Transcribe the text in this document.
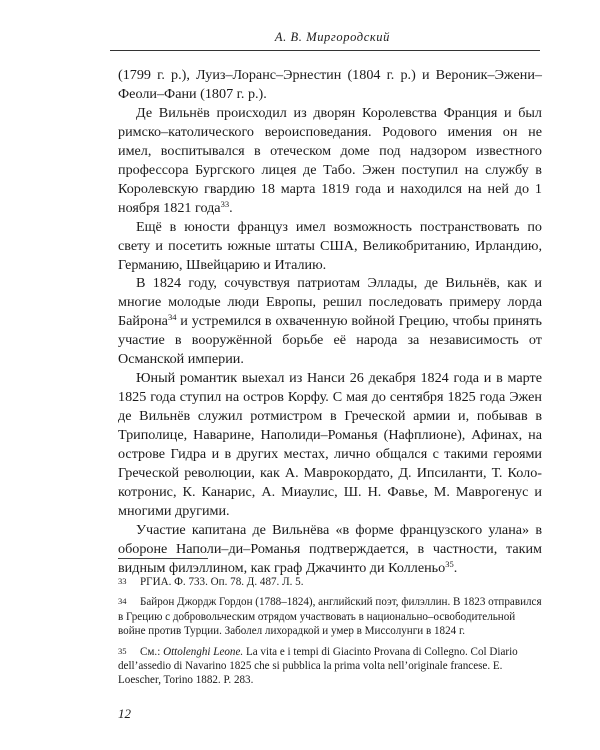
А. В. Миргородский

(1799 г. р.), Луиз–Лоранс–Эрнестин (1804 г. р.) и Вероник–Эжени–Феоли–Фани (1807 г. р.).

Де Вильнёв происходил из дворян Королевства Франция и был римско–католического вероисповедания. Родового имения он не имел, воспитывался в отеческом доме под надзором известного профессора Бургского лицея де Табо. Эжен поступил на службу в Королевскую гвардию 18 марта 1819 года и находился на ней до 1 ноября 1821 года$^{33}$.

Ещё в юности француз имел возможность постранствовать по свету и посетить южные штаты США, Великобританию, Ирландию, Германию, Швейцарию и Италию.

В 1824 году, сочувствуя патриотам Эллады, де Вильнёв, как и многие молодые люди Европы, решил последовать примеру лорда Байрона$^{34}$ и устремился в охваченную войной Грецию, чтобы принять участие в вооружённой борьбе её народа за независимость от Османской империи.

Юный романтик выехал из Нанси 26 декабря 1824 года и в марте 1825 года ступил на остров Корфу. С мая до сентября 1825 года Эжен де Вильнёв служил ротмистром в Греческой армии и, побывав в Триполице, Наварине, Наполиди–Романья (Нафплионе), Афинах, на острове Гидра и в других местах, лично общался с такими героями Греческой революции, как А. Маврокордато, Д. Ипсиланти, Т. Колокотронис, К. Канарис, А. Миаулис, Ш. Н. Фавье, М. Маврогенус и многими другими.

Участие капитана де Вильнёва «в форме французского улана» в обороне Наполи–ди–Романья подтверждается, в частности, таким видным филэллином, как граф Джачинто ди Колленьо$^{35}$.

33 РГИА. Ф. 733. Оп. 78. Д. 487. Л. 5.

34 Байрон Джордж Гордон (1788–1824), английский поэт, филэллин. В 1823 отправился в Грецию с добровольческим отрядом участвовать в национально–освободительной войне против Турции. Заболел лихорадкой и умер в Миссолунги в 1824 г.

35 См.: Ottolenghi Leone. La vita e i tempi di Giacinto Provana di Collegno. Col Diario dell’assedio di Navarino 1825 che si pubblica la prima volta nell’originale francese. E. Loescher, Torino 1882. P. 283.

12
